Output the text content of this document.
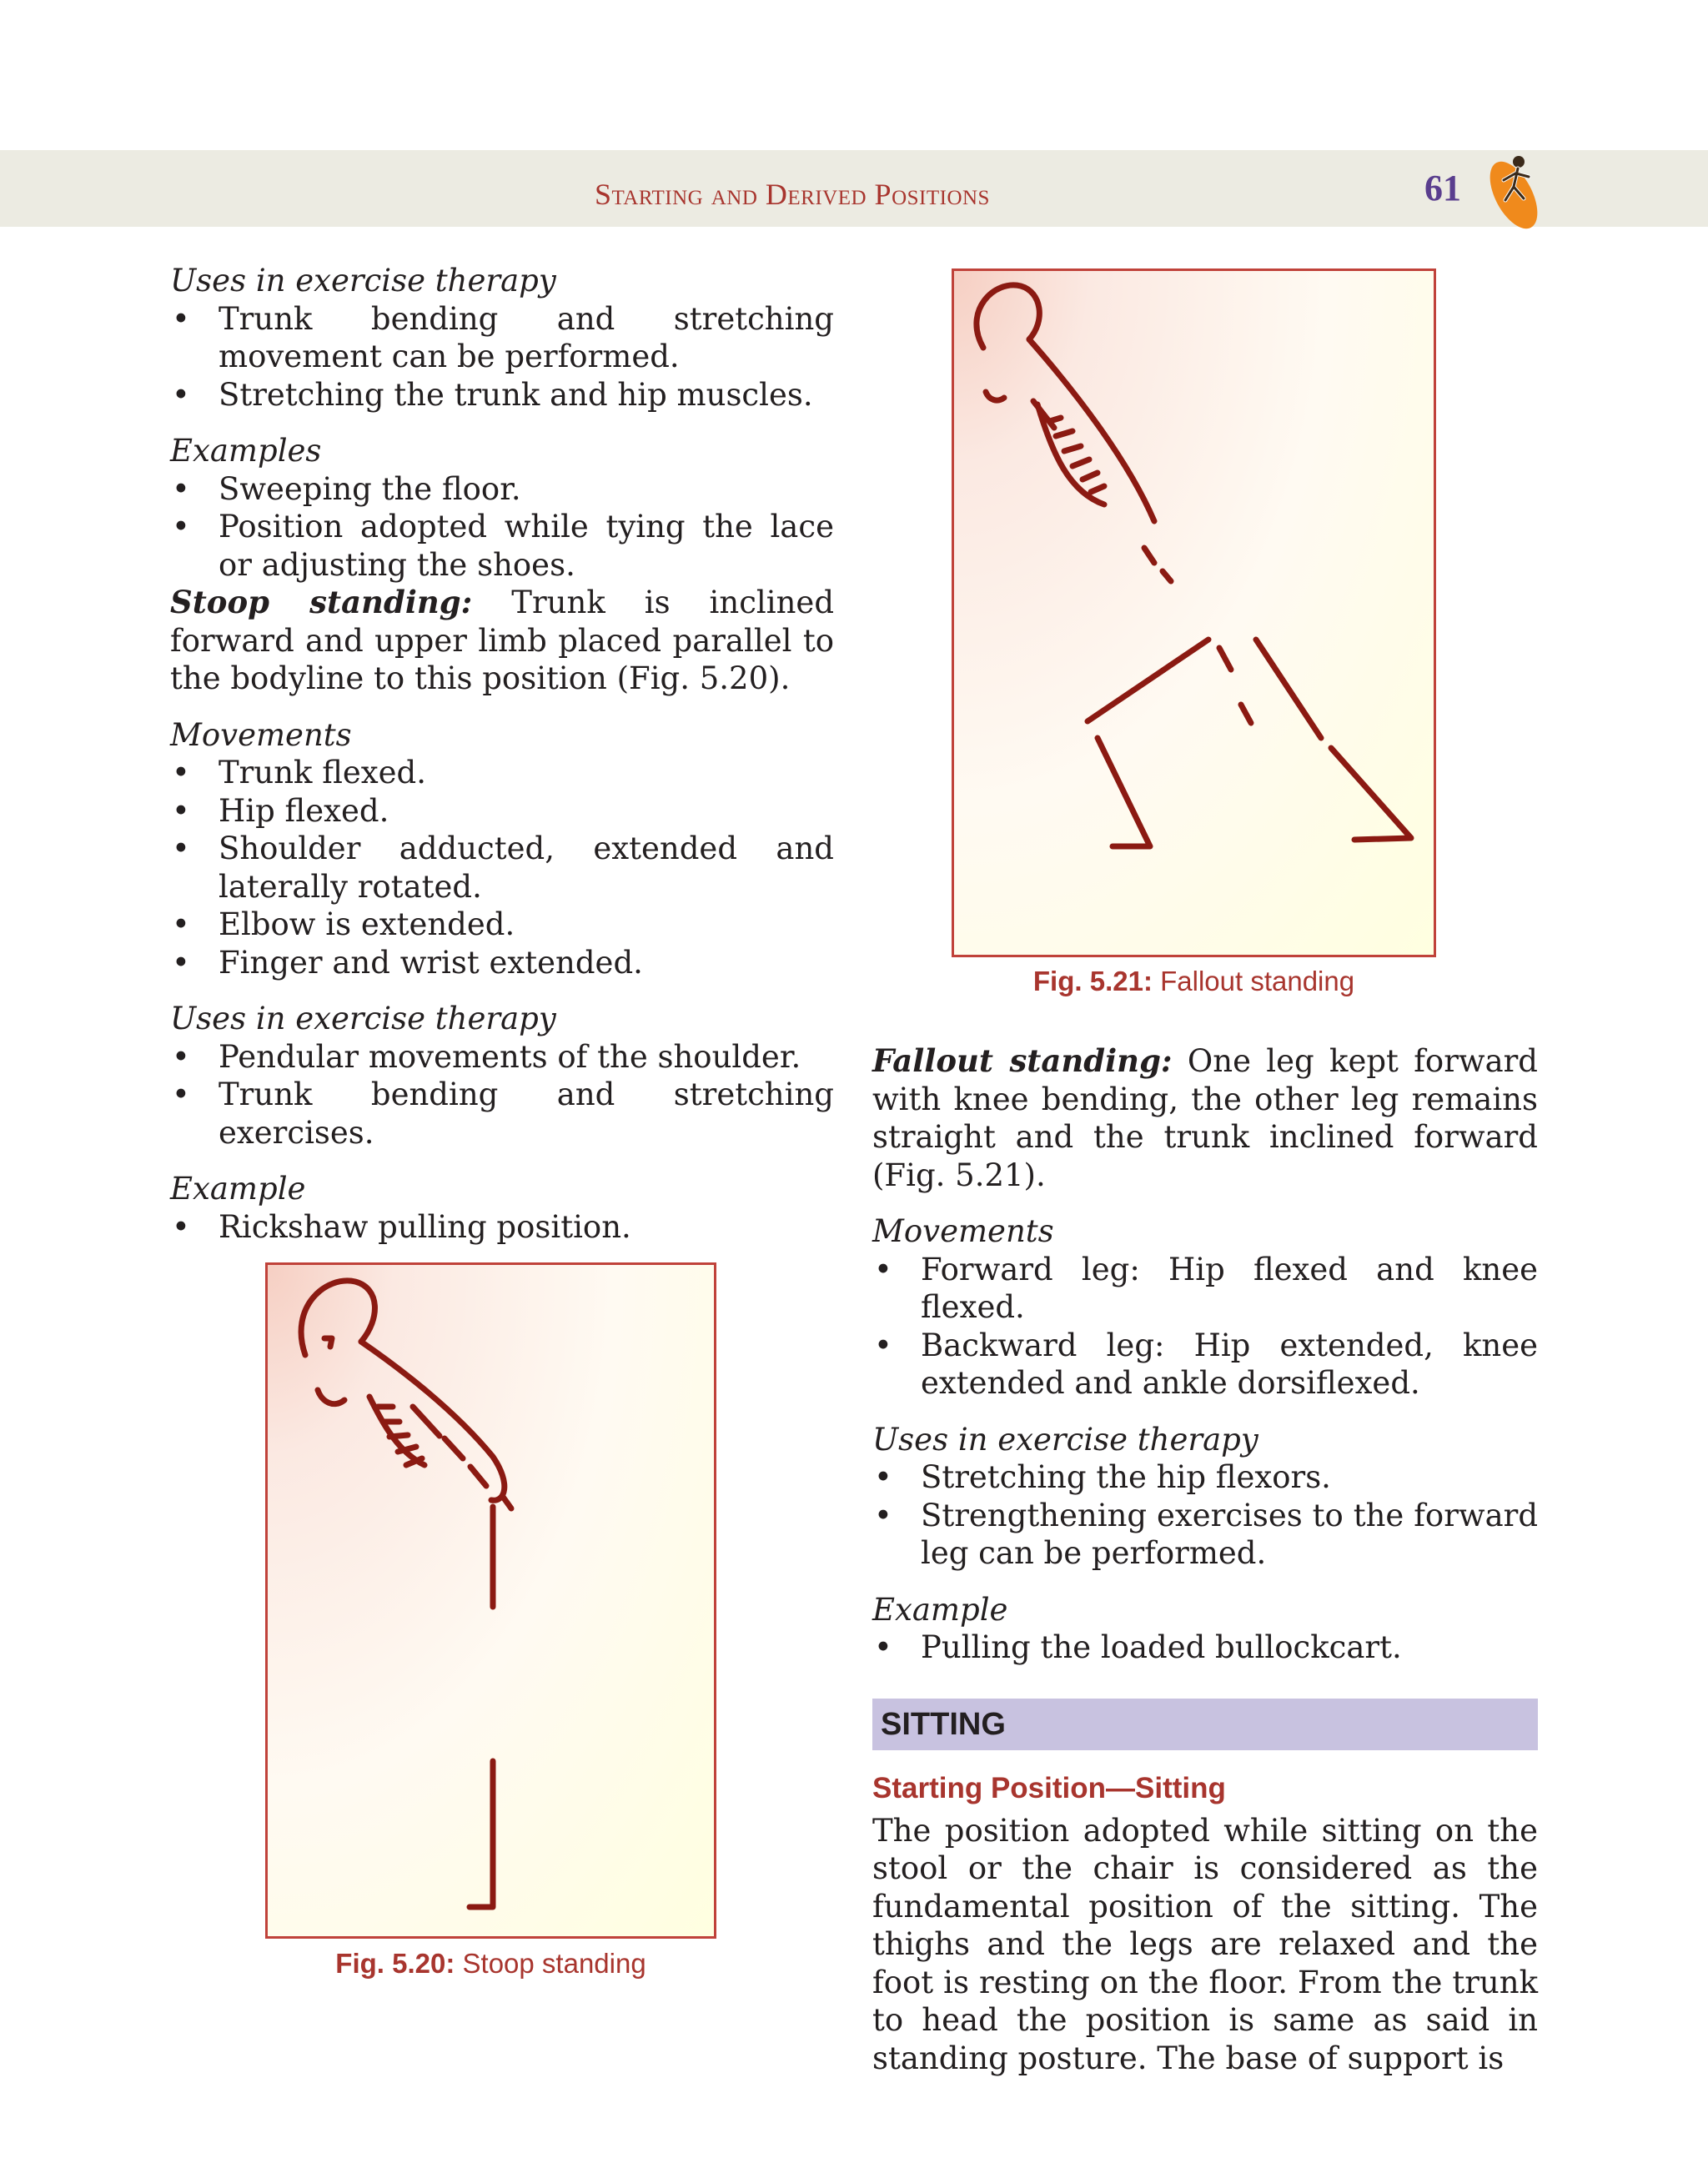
Starting and Derived Positions	61

Uses in exercise therapy

• Trunk bending and stretching movement can be performed.
• Stretching the trunk and hip muscles.

Examples

• Sweeping the floor.
• Position adopted while tying the lace or adjusting the shoes.

Stoop standing: Trunk is inclined forward and upper limb placed parallel to the bodyline to this position (Fig. 5.20).

Movements

• Trunk flexed.
• Hip flexed.
• Shoulder adducted, extended and laterally rotated.
• Elbow is extended.
• Finger and wrist extended.

Uses in exercise therapy

• Pendular movements of the shoulder.
• Trunk bending and stretching exercises.

Example

• Rickshaw pulling position.
Fig. 5.20: Stoop standing
Fig. 5.21: Fallout standing

Fallout standing: One leg kept forward with knee bending, the other leg remains straight and the trunk inclined forward (Fig. 5.21).

Movements

• Forward leg: Hip flexed and knee flexed.
• Backward leg: Hip extended, knee extended and ankle dorsiflexed.

Uses in exercise therapy

• Stretching the hip flexors.
• Strengthening exercises to the forward leg can be performed.

Example

• Pulling the loaded bullockcart.
SITTING
Starting Position—Sitting

The position adopted while sitting on the stool or the chair is considered as the fundamental position of the sitting. The thighs and the legs are relaxed and the foot is resting on the floor. From the trunk to head the position is same as said in standing posture. The base of support is
